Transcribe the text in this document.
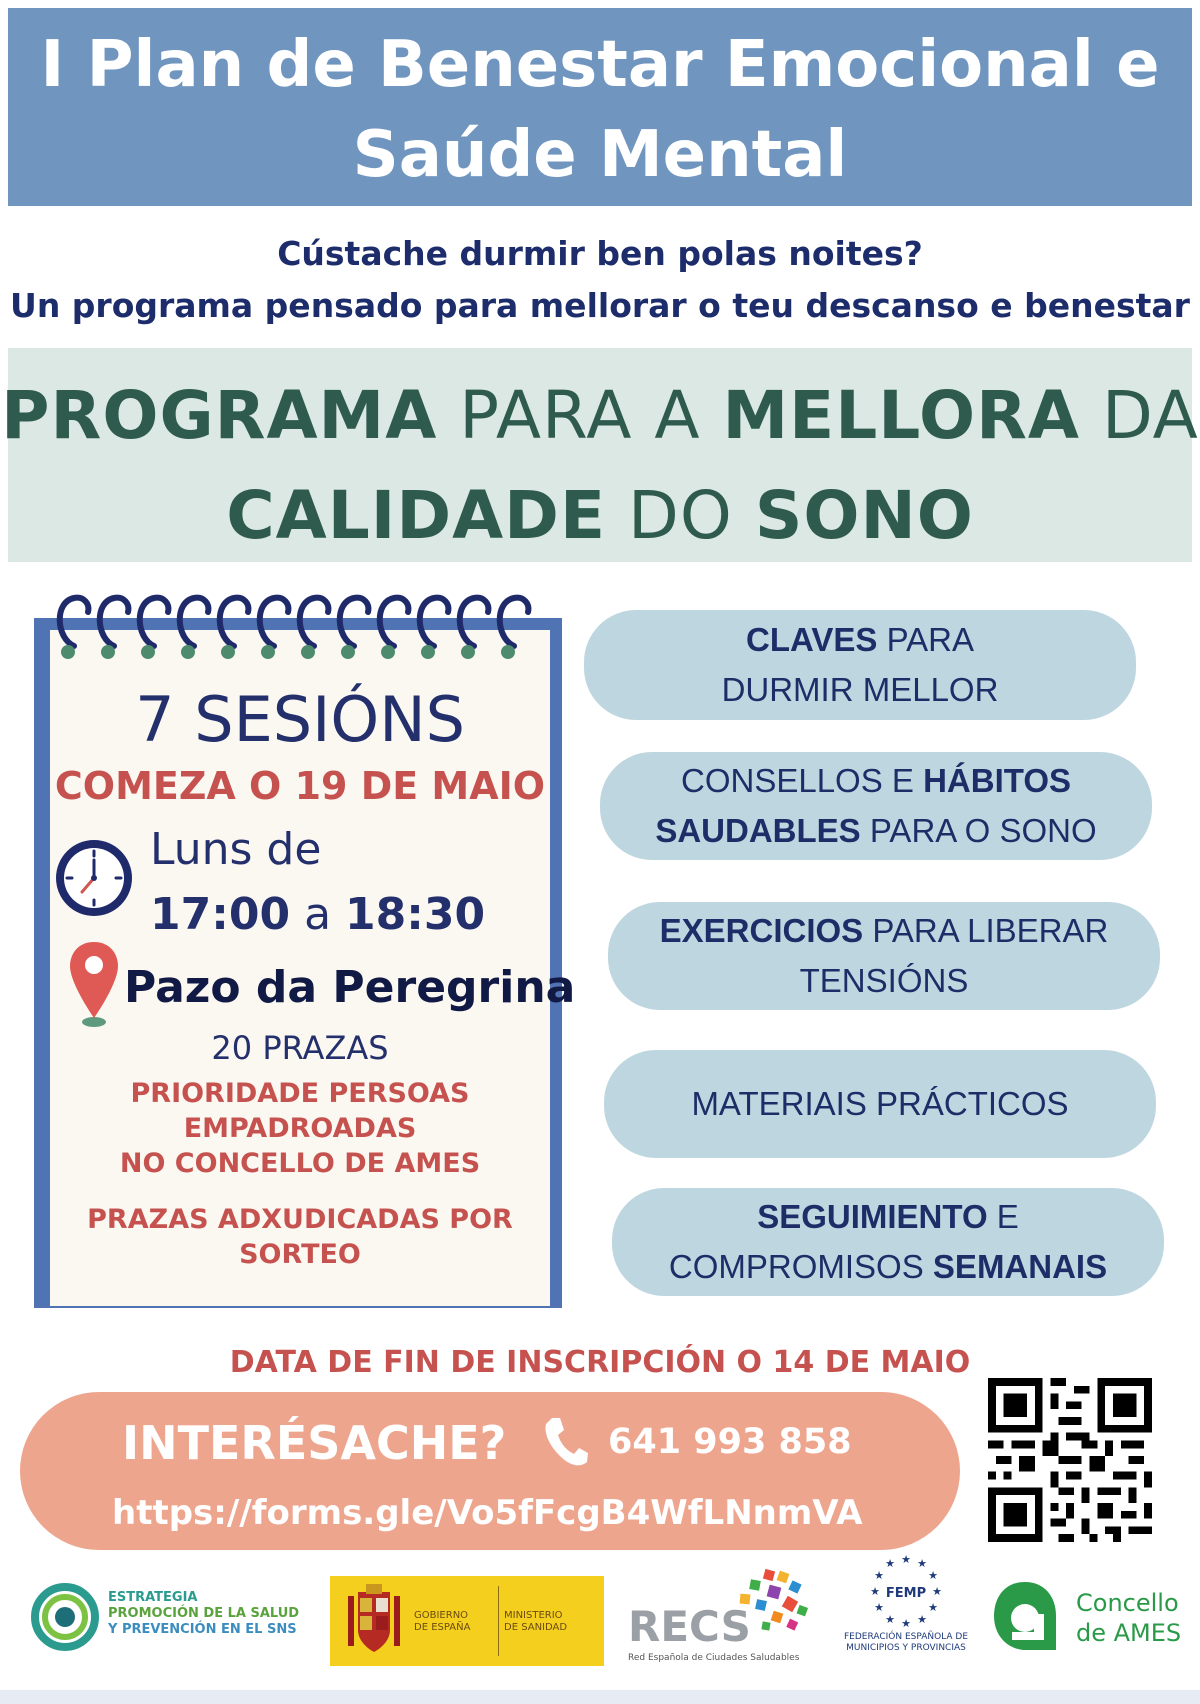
I Plan de Benestar Emocional e
Saúde Mental
Cústache durmir ben polas noites?
Un programa pensado para mellorar o teu descanso e benestar
PROGRAMA PARA A MELLORA DA
CALIDADE DO SONO
7 SESIÓNS
COMEZA O 19 DE MAIO
Luns de
17:00 a 18:30
Pazo da Peregrina
20 PRAZAS
PRIORIDADE PERSOAS
EMPADROADAS
NO CONCELLO DE AMES
PRAZAS ADXUDICADAS POR
SORTEO
CLAVES PARA
DURMIR MELLOR
CONSELLOS E HÁBITOS
SAUDABLES PARA O SONO
EXERCICIOS PARA LIBERAR
TENSIÓNS
MATERIAIS PRÁCTICOS
SEGUIMIENTO E
COMPROMISOS SEMANAIS
DATA DE FIN DE INSCRIPCIÓN O 14 DE MAIO
INTERÉSACHE?	641 993 858
https://forms.gle/Vo5fFcgB4WfLNnmVA
ESTRATEGIA
PROMOCIÓN DE LA SALUD
Y PREVENCIÓN EN EL SNS
GOBIERNO
DE ESPAÑA
MINISTERIO
DE SANIDAD	RECS
Red Española de Ciudades Saludables
★ ★
★
★
★
★
★
★
★
★
★
★
FEMP
FEDERACIÓN ESPAÑOLA DE
MUNICIPIOS Y PROVINCIAS
Concello
de AMES
